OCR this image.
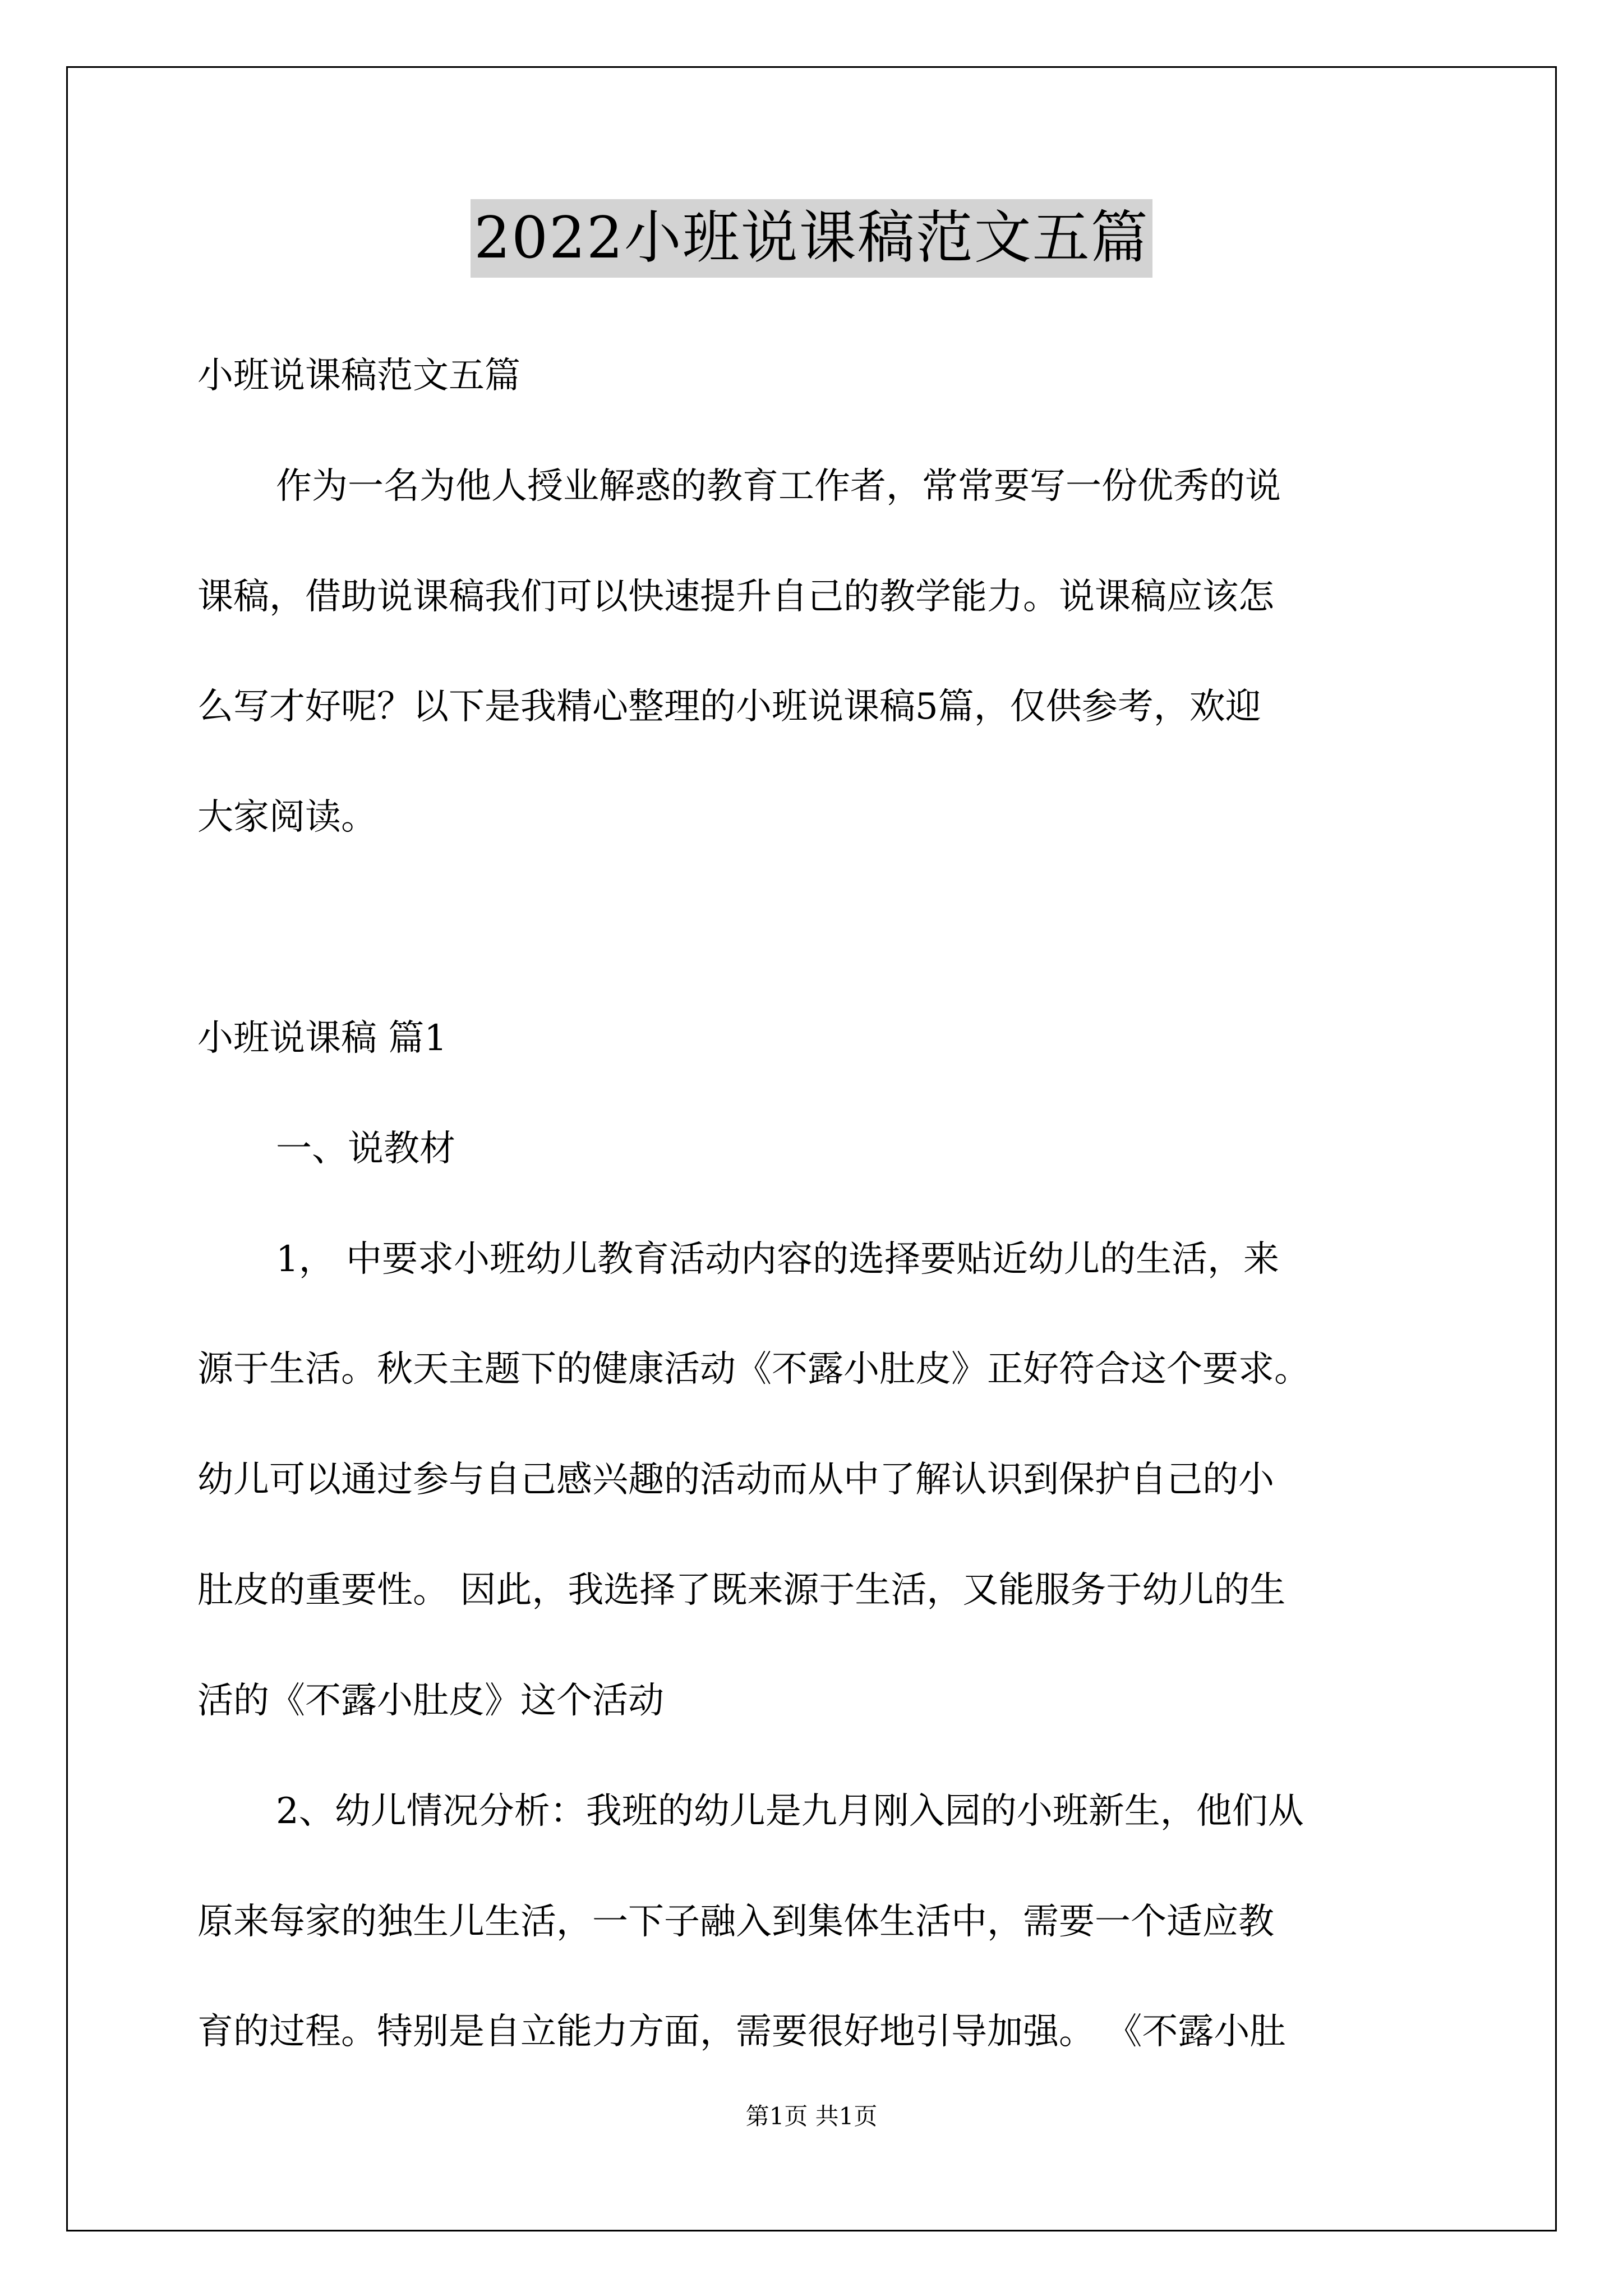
2022小班说课稿范文五篇
小班说课稿范文五篇
作为一名为他人授业解惑的教育工作者，常常要写一份优秀的说
课稿，借助说课稿我们可以快速提升自己的教学能力。说课稿应该怎
么写才好呢？以下是我精心整理的小班说课稿5篇，仅供参考，欢迎
大家阅读。
小班说课稿 篇1
一、说教材
1， 中要求小班幼儿教育活动内容的选择要贴近幼儿的生活，来
源于生活。秋天主题下的健康活动《不露小肚皮》正好符合这个要求。
幼儿可以通过参与自己感兴趣的活动而从中了解认识到保护自己的小
肚皮的重要性。 因此，我选择了既来源于生活，又能服务于幼儿的生
活的《不露小肚皮》这个活动
2、幼儿情况分析：我班的幼儿是九月刚入园的小班新生，他们从
原来每家的独生儿生活，一下子融入到集体生活中，需要一个适应教
育的过程。特别是自立能力方面，需要很好地引导加强。 《不露小肚
第1页 共1页
